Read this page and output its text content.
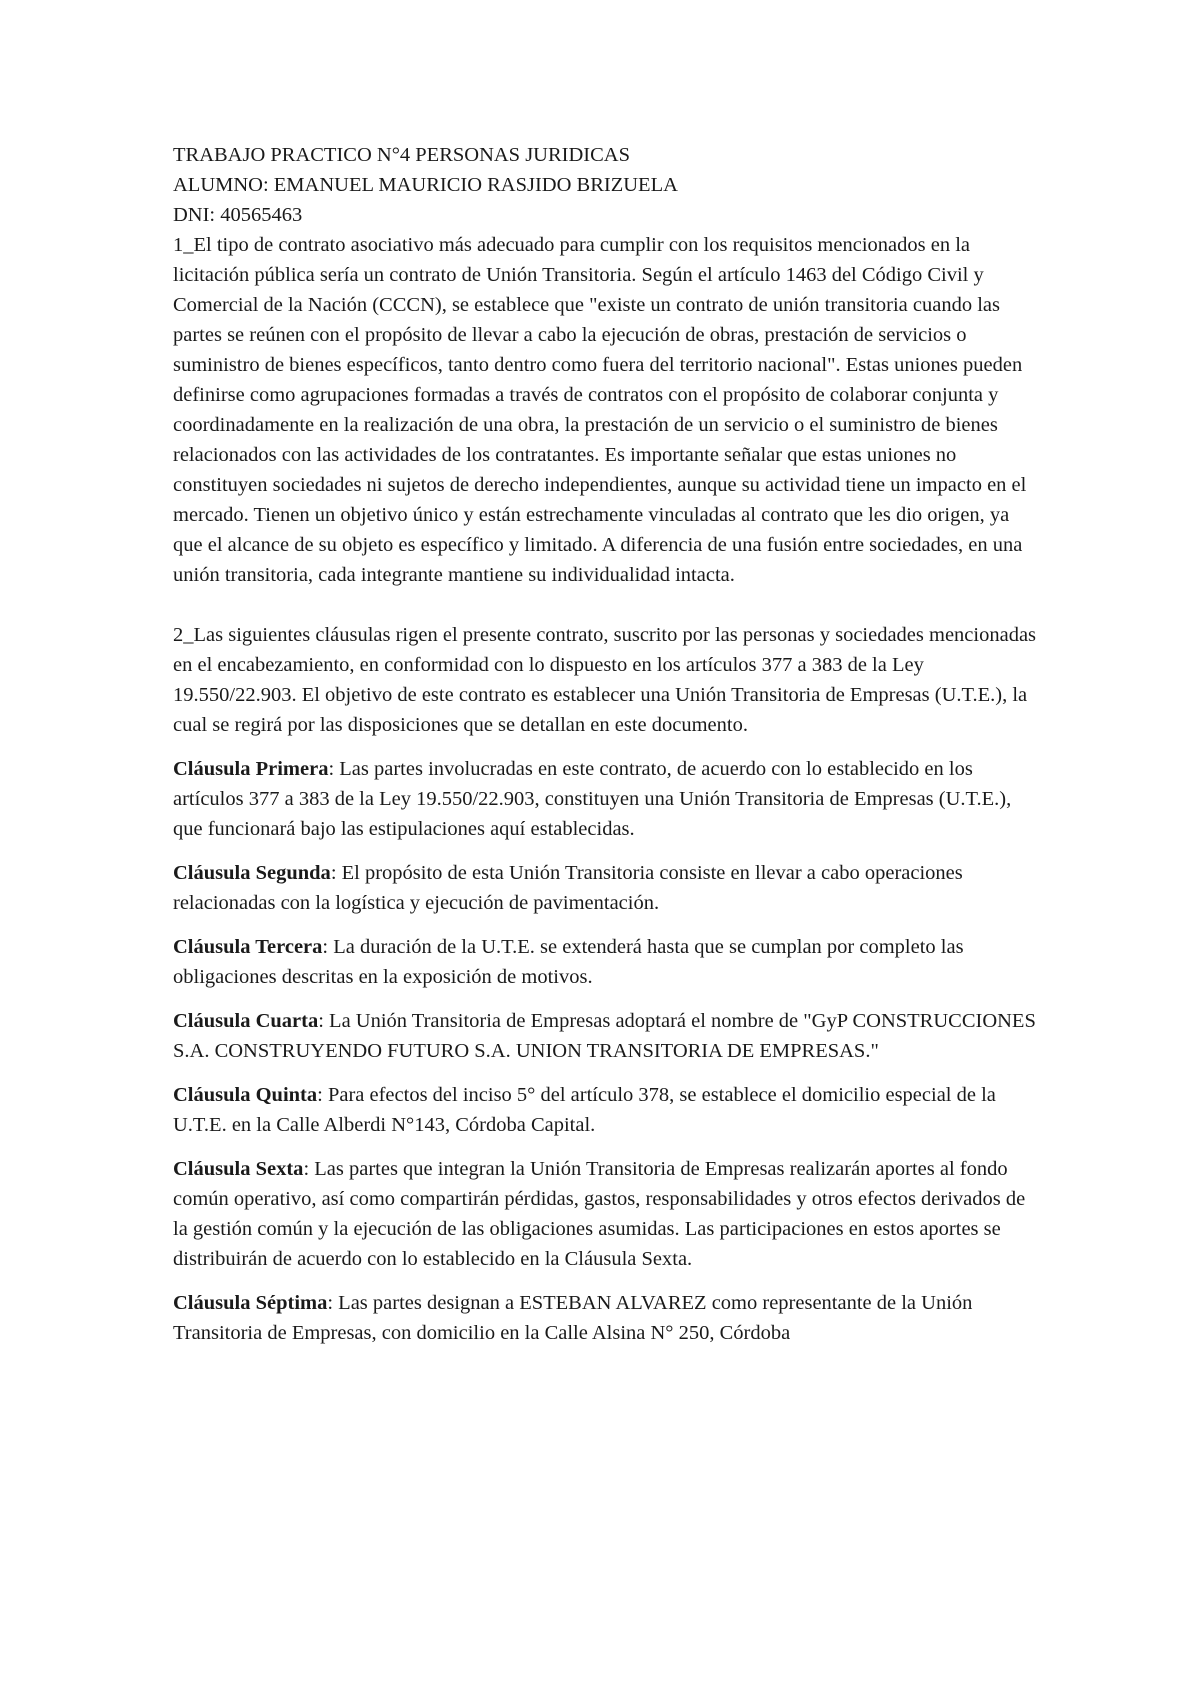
TRABAJO PRACTICO N°4 PERSONAS JURIDICAS

ALUMNO: EMANUEL MAURICIO RASJIDO BRIZUELA

DNI: 40565463

1_El tipo de contrato asociativo más adecuado para cumplir con los requisitos mencionados en la licitación pública sería un contrato de Unión Transitoria. Según el artículo 1463 del Código Civil y Comercial de la Nación (CCCN), se establece que "existe un contrato de unión transitoria cuando las partes se reúnen con el propósito de llevar a cabo la ejecución de obras, prestación de servicios o suministro de bienes específicos, tanto dentro como fuera del territorio nacional". Estas uniones pueden definirse como agrupaciones formadas a través de contratos con el propósito de colaborar conjunta y coordinadamente en la realización de una obra, la prestación de un servicio o el suministro de bienes relacionados con las actividades de los contratantes. Es importante señalar que estas uniones no constituyen sociedades ni sujetos de derecho independientes, aunque su actividad tiene un impacto en el mercado. Tienen un objetivo único y están estrechamente vinculadas al contrato que les dio origen, ya que el alcance de su objeto es específico y limitado. A diferencia de una fusión entre sociedades, en una unión transitoria, cada integrante mantiene su individualidad intacta.

2_Las siguientes cláusulas rigen el presente contrato, suscrito por las personas y sociedades mencionadas en el encabezamiento, en conformidad con lo dispuesto en los artículos 377 a 383 de la Ley 19.550/22.903. El objetivo de este contrato es establecer una Unión Transitoria de Empresas (U.T.E.), la cual se regirá por las disposiciones que se detallan en este documento.

Cláusula Primera: Las partes involucradas en este contrato, de acuerdo con lo establecido en los artículos 377 a 383 de la Ley 19.550/22.903, constituyen una Unión Transitoria de Empresas (U.T.E.), que funcionará bajo las estipulaciones aquí establecidas.

Cláusula Segunda: El propósito de esta Unión Transitoria consiste en llevar a cabo operaciones relacionadas con la logística y ejecución de pavimentación.

Cláusula Tercera: La duración de la U.T.E. se extenderá hasta que se cumplan por completo las obligaciones descritas en la exposición de motivos.

Cláusula Cuarta: La Unión Transitoria de Empresas adoptará el nombre de "GyP CONSTRUCCIONES S.A. CONSTRUYENDO FUTURO S.A. UNION TRANSITORIA DE EMPRESAS."

Cláusula Quinta: Para efectos del inciso 5° del artículo 378, se establece el domicilio especial de la U.T.E. en la Calle Alberdi N°143, Córdoba Capital.

Cláusula Sexta: Las partes que integran la Unión Transitoria de Empresas realizarán aportes al fondo común operativo, así como compartirán pérdidas, gastos, responsabilidades y otros efectos derivados de la gestión común y la ejecución de las obligaciones asumidas. Las participaciones en estos aportes se distribuirán de acuerdo con lo establecido en la Cláusula Sexta.

Cláusula Séptima: Las partes designan a ESTEBAN ALVAREZ como representante de la Unión Transitoria de Empresas, con domicilio en la Calle Alsina N° 250, Córdoba
